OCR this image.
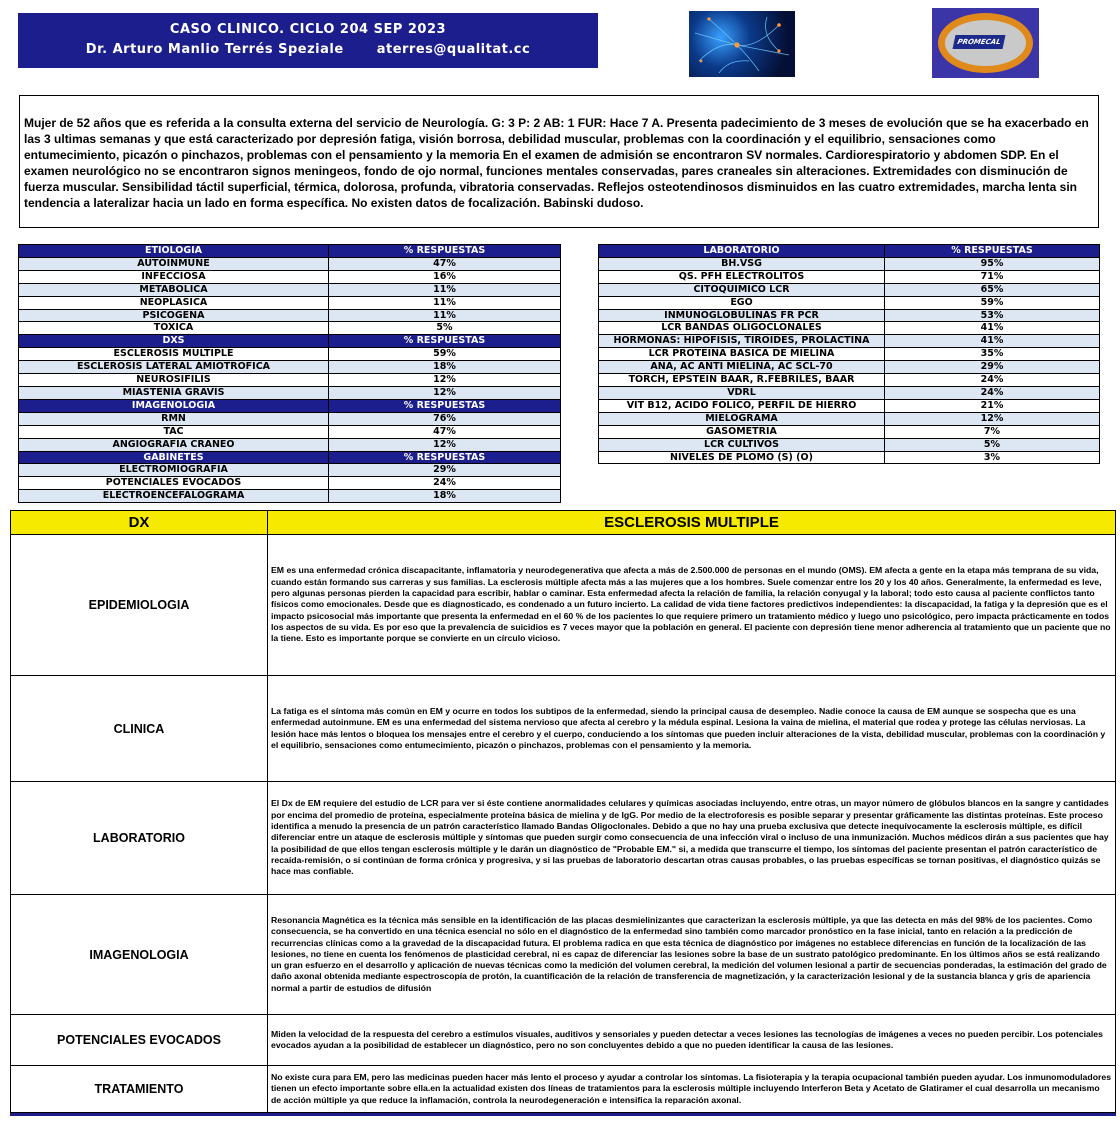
CASO CLINICO. CICLO 204 SEP 2023
Dr. Arturo Manlio Terrés Speziale	aterres@qualitat.cc	PROMECAL
Mujer de 52 años que es referida a la consulta externa del servicio de Neurología. G: 3 P: 2 AB: 1 FUR: Hace 7 A. Presenta padecimiento de 3 meses de evolución que se ha exacerbado en las 3 ultimas semanas y que está caracterizado por depresión fatiga, visión borrosa, debilidad muscular, problemas con la coordinación y el equilibrio, sensaciones como entumecimiento, picazón o pinchazos, problemas con el pensamiento y la memoria En el examen de admisión se encontraron SV normales. Cardiorespiratorio y abdomen SDP. En el examen neurológico no se encontraron signos meningeos, fondo de ojo normal, funciones mentales conservadas, pares craneales sin alteraciones. Extremidades con disminución de fuerza muscular. Sensibilidad táctil superficial, térmica, dolorosa, profunda, vibratoria conservadas. Reflejos osteotendinosos disminuidos en las cuatro extremidades, marcha lenta sin tendencia a lateralizar hacia un lado en forma específica. No existen datos de focalización. Babinski dudoso.
ETIOLOGIA	% RESPUESTAS
AUTOINMUNE	47%
INFECCIOSA	16%
METABOLICA	11%
NEOPLASICA	11%
PSICOGENA	11%
TOXICA	5%
DXS	% RESPUESTAS
ESCLEROSIS MULTIPLE	59%
ESCLEROSIS LATERAL AMIOTROFICA	18%
NEUROSIFILIS	12%
MIASTENIA GRAVIS	12%
IMAGENOLOGIA	% RESPUESTAS
RMN	76%
TAC	47%
ANGIOGRAFIA CRANEO	12%
GABINETES	% RESPUESTAS
ELECTROMIOGRAFIA	29%
POTENCIALES EVOCADOS	24%
ELECTROENCEFALOGRAMA	18%
LABORATORIO	% RESPUESTAS
BH.VSG	95%
QS. PFH ELECTROLITOS	71%
CITOQUIMICO LCR	65%
EGO	59%
INMUNOGLOBULINAS FR PCR	53%
LCR BANDAS OLIGOCLONALES	41%
HORMONAS: HIPOFISIS, TIROIDES, PROLACTINA	41%
LCR PROTEINA BASICA DE MIELINA	35%
ANA, AC ANTI MIELINA, AC SCL-70	29%
TORCH, EPSTEIN BAAR, R.FEBRILES, BAAR	24%
VDRL	24%
VIT B12, ACIDO FOLICO, PERFIL DE HIERRO	21%
MIELOGRAMA	12%
GASOMETRIA	7%
LCR CULTIVOS	5%
NIVELES DE PLOMO (S) (O)	3%
DX	ESCLEROSIS MULTIPLE
EPIDEMIOLOGIA	EM es una enfermedad crónica discapacitante, inflamatoria y neurodegenerativa que afecta a más de 2.500.000 de personas en el mundo (OMS). EM afecta a gente en la etapa más temprana de su vida, cuando están formando sus carreras y sus familias. La esclerosis múltiple afecta más a las mujeres que a los hombres. Suele comenzar entre los 20 y los 40 años. Generalmente, la enfermedad es leve, pero algunas personas pierden la capacidad para escribir, hablar o caminar. Esta enfermedad afecta la relación de familia, la relación conyugal y la laboral; todo esto causa al paciente conflictos tanto físicos como emocionales. Desde que es diagnosticado, es condenado a un futuro incierto. La calidad de vida tiene factores predictivos independientes: la discapacidad, la fatiga y la depresión que es el impacto psicosocial más importante que presenta la enfermedad en el 60 % de los pacientes lo que requiere primero un tratamiento médico y luego uno psicológico, pero impacta prácticamente en todos los aspectos de su vida. Es por eso que la prevalencia de suicidios es 7 veces mayor que la población en general. El paciente con depresión tiene menor adherencia al tratamiento que un paciente que no la tiene. Esto es importante porque se convierte en un círculo vicioso.
CLINICA	La fatiga es el síntoma más común en EM y ocurre en todos los subtipos de la enfermedad, siendo la principal causa de desempleo. Nadie conoce la causa de EM aunque se sospecha que es una enfermedad autoinmune. EM es una enfermedad del sistema nervioso que afecta al cerebro y la médula espinal. Lesiona la vaina de mielina, el material que rodea y protege las células nerviosas. La lesión hace más lentos o bloquea los mensajes entre el cerebro y el cuerpo, conduciendo a los síntomas que pueden incluir alteraciones de la vista, debilidad muscular, problemas con la coordinación y el equilibrio, sensaciones como entumecimiento, picazón o pinchazos, problemas con el pensamiento y la memoria.
LABORATORIO	El Dx de EM requiere del estudio de LCR para ver si éste contiene anormalidades celulares y químicas asociadas incluyendo, entre otras, un mayor número de glóbulos blancos en la sangre y cantidades por encima del promedio de proteína, especialmente proteína básica de mielina y de IgG. Por medio de la electroforesis es posible separar y presentar gráficamente las distintas proteínas. Este proceso identifica a menudo la presencia de un patrón característico llamado Bandas Oligoclonales. Debido a que no hay una prueba exclusiva que detecte inequívocamente la esclerosis múltiple, es difícil diferenciar entre un ataque de esclerosis múltiple y síntomas que pueden surgir como consecuencia de una infección viral o incluso de una inmunización. Muchos médicos dirán a sus pacientes que hay la posibilidad de que ellos tengan esclerosis múltiple y le darán un diagnóstico de "Probable EM." si, a medida que transcurre el tiempo, los síntomas del paciente presentan el patrón característico de recaída-remisión, o si continúan de forma crónica y progresiva, y si las pruebas de laboratorio descartan otras causas probables, o las pruebas específicas se tornan positivas, el diagnóstico quizás se hace mas confiable.
IMAGENOLOGIA	Resonancia Magnética es la técnica más sensible en la identificación de las placas desmielinizantes que caracterizan la esclerosis múltiple, ya que las detecta en más del 98% de los pacientes. Como consecuencia, se ha convertido en una técnica esencial no sólo en el diagnóstico de la enfermedad sino también como marcador pronóstico en la fase inicial, tanto en relación a la predicción de recurrencias clínicas como a la gravedad de la discapacidad futura. El problema radica en que esta técnica de diagnóstico por imágenes no establece diferencias en función de la localización de las lesiones, no tiene en cuenta los fenómenos de plasticidad cerebral, ni es capaz de diferenciar las lesiones sobre la base de un sustrato patológico predominante. En los últimos años se está realizando un gran esfuerzo en el desarrollo y aplicación de nuevas técnicas como la medición del volumen cerebral, la medición del volumen lesional a partir de secuencias ponderadas, la estimación del grado de daño axonal obtenida mediante espectroscopía de protón, la cuantificación de la relación de transferencia de magnetización, y la caracterización lesional y de la sustancia blanca y gris de apariencia normal a partir de estudios de difusión
POTENCIALES EVOCADOS	Miden la velocidad de la respuesta del cerebro a estímulos visuales, auditivos y sensoriales y pueden detectar a veces lesiones las tecnologías de imágenes a veces no pueden percibir. Los potenciales evocados ayudan a la posibilidad de establecer un diagnóstico, pero no son concluyentes debido a que no pueden identificar la causa de las lesiones.
TRATAMIENTO	No existe cura para EM, pero las medicinas pueden hacer más lento el proceso y ayudar a controlar los síntomas. La fisioterapia y la terapia ocupacional también pueden ayudar. Los inmunomoduladores tienen un efecto importante sobre ella.en la actualidad existen dos líneas de tratamientos para la esclerosis múltiple incluyendo Interferon Beta y Acetato de Glatiramer el cual desarrolla un mecanismo de acción múltiple ya que reduce la inflamación, controla la neurodegeneración e intensifica la reparación axonal.
